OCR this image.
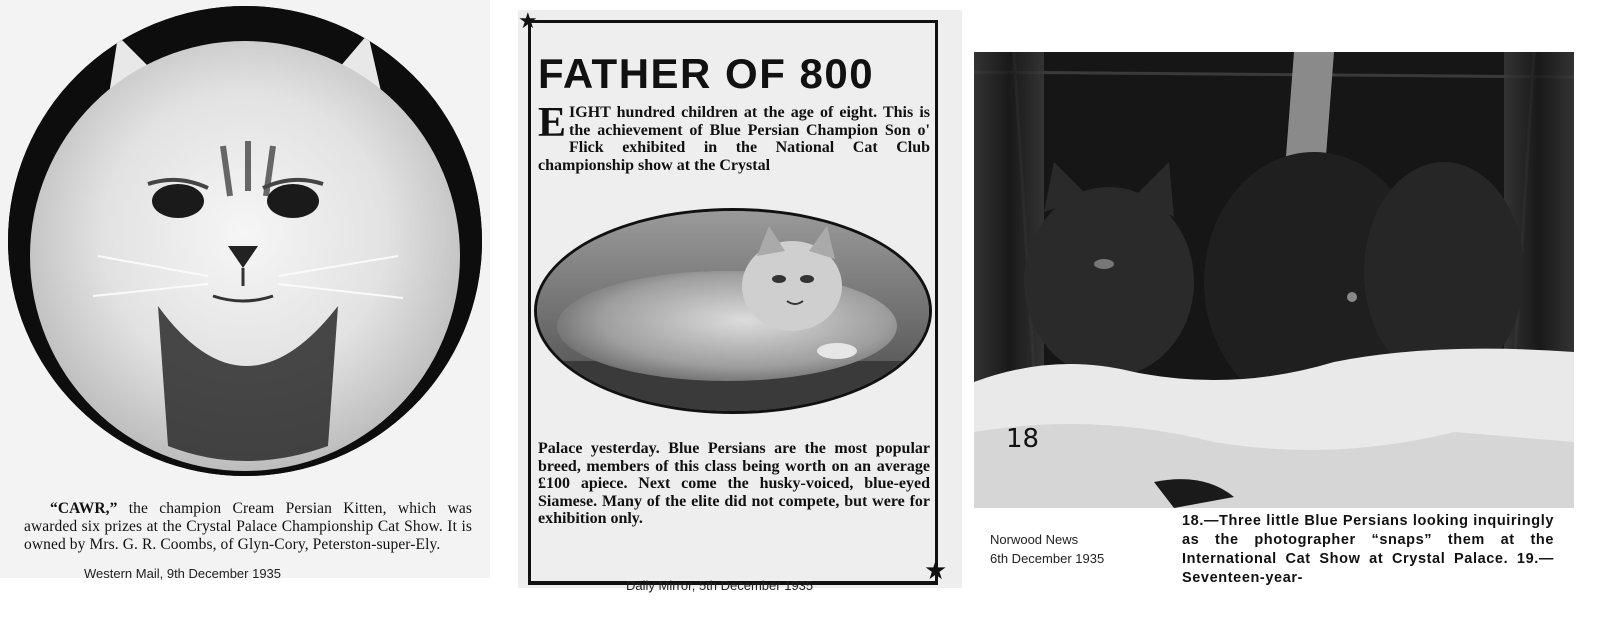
“CAWR,” the champion Cream Persian Kitten, which was awarded six prizes at the Crystal Palace Championship Cat Show. It is owned by Mrs. G. R. Coombs, of Glyn-Cory, Peterston-super-Ely.
Western Mail, 9th December 1935
★
★
FATHER OF 800
EIGHT hundred children at the age of eight. This is the achievement of Blue Persian Champion Son o' Flick exhibited in the National Cat Club championship show at the Crystal
Palace yesterday. Blue Persians are the most popular breed, members of this class being worth on an average £100 apiece. Next come the husky-voiced, blue-eyed Siamese. Many of the elite did not compete, but were for exhibition only.
Daily Mirror, 5th December 1935
18
18.—Three little Blue Persians looking inquiringly as the photographer “snaps” them at the International Cat Show at Crystal Palace. 19.—Seventeen-year-
Norwood News
6th December 1935
